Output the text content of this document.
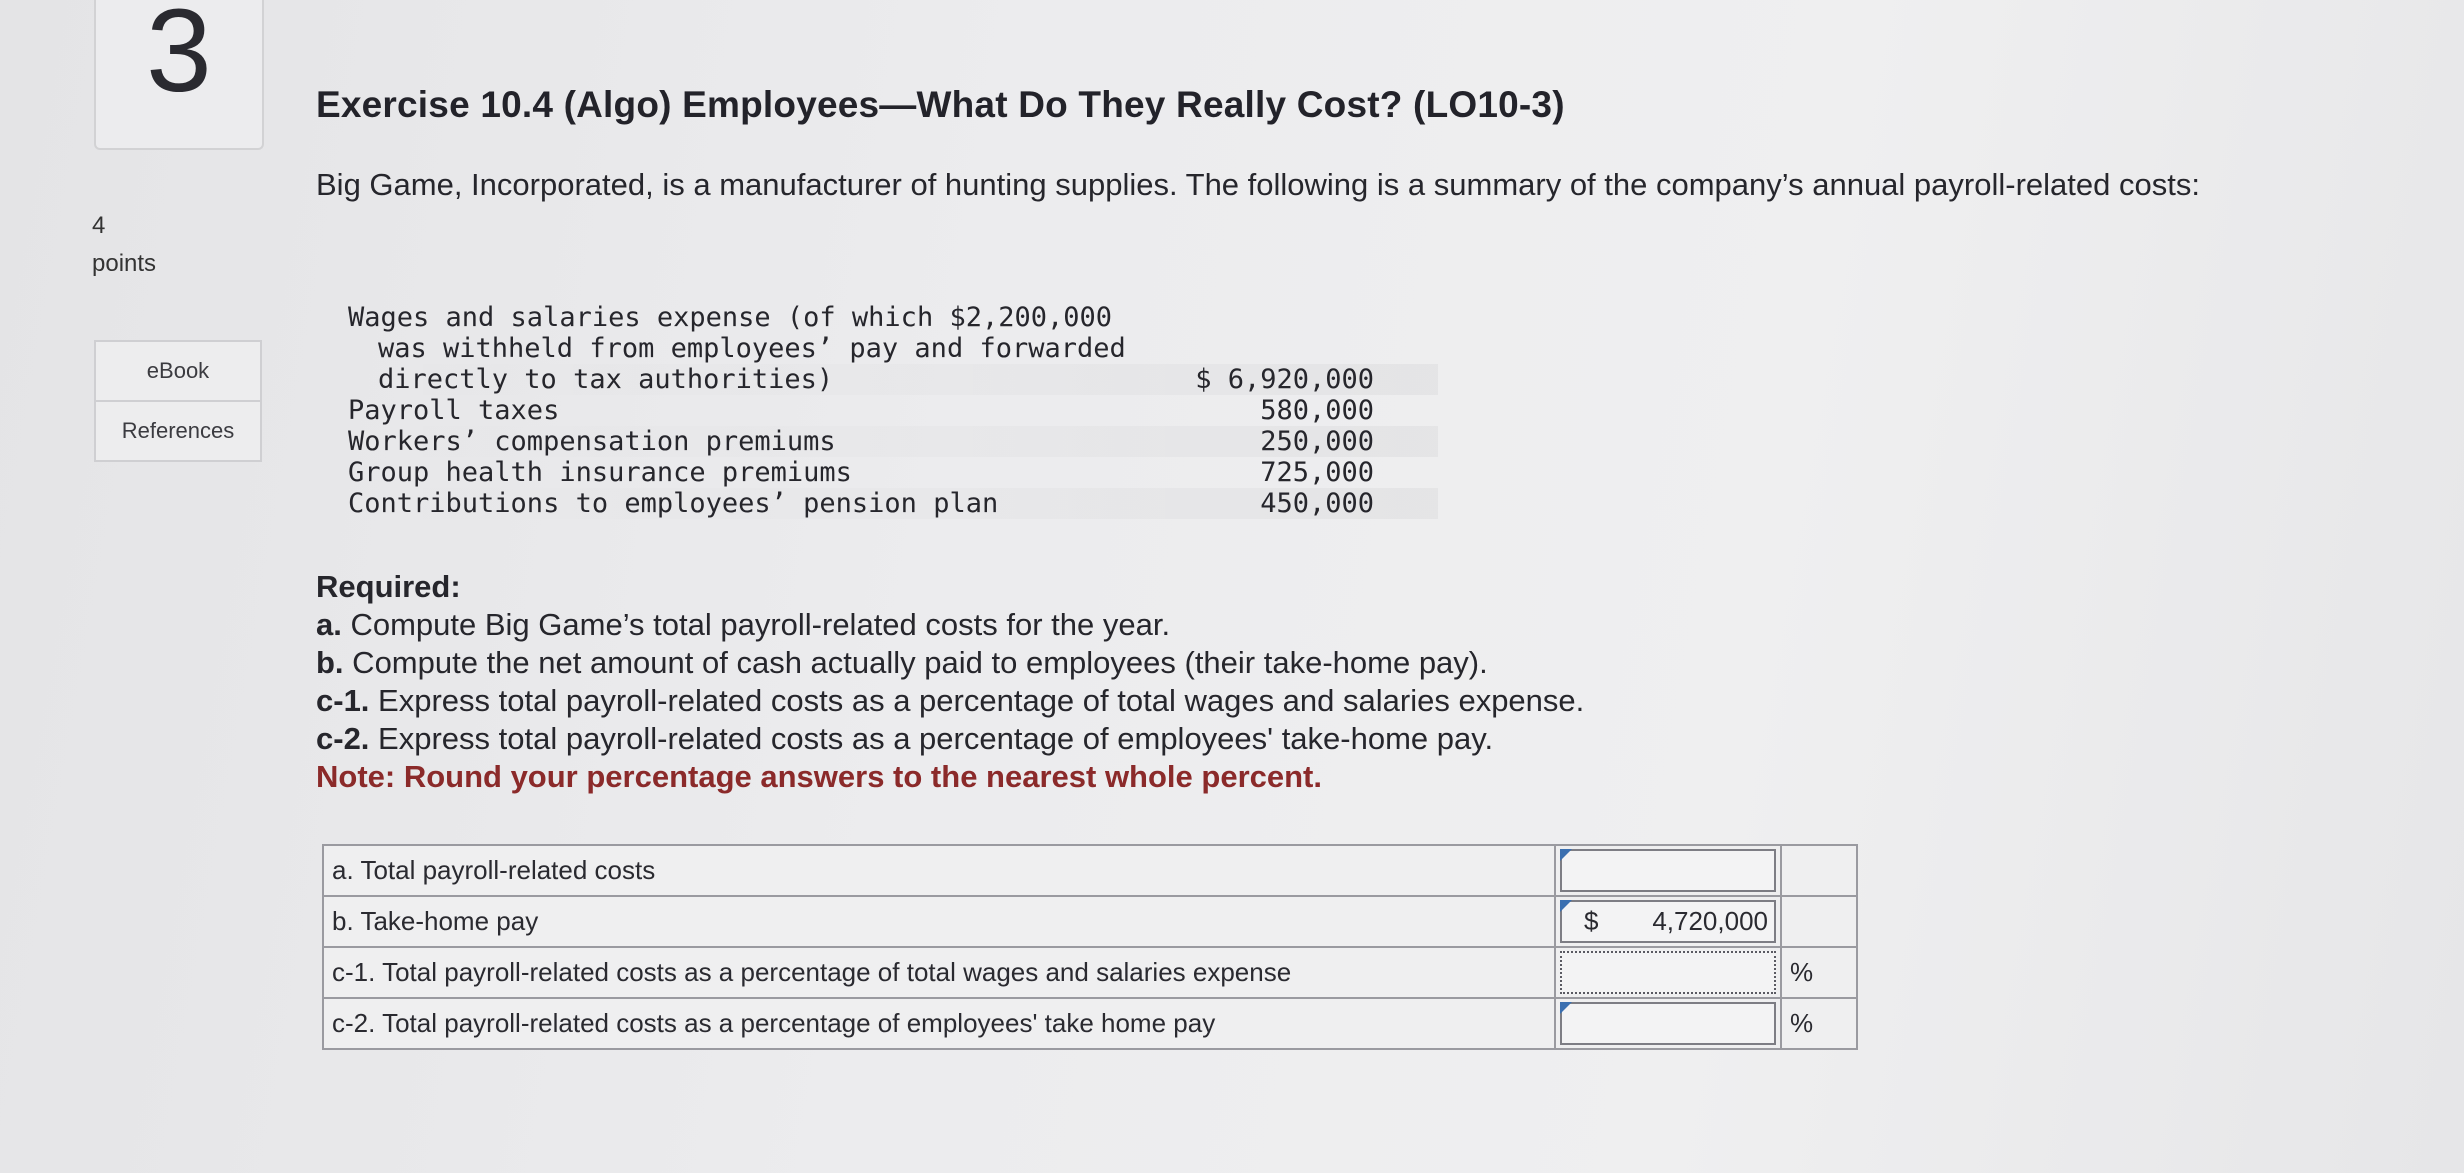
3
4
points
eBook
References
Exercise 10.4 (Algo) Employees—What Do They Really Cost? (LO10-3)
Big Game, Incorporated, is a manufacturer of hunting supplies. The following is a summary of the company’s annual payroll-related costs:
Wages and salaries expense (of which $2,200,000
was withheld from employees’ pay and forwarded
directly to tax authorities)	$ 6,920,000
Payroll taxes	580,000
Workers’ compensation premiums	250,000
Group health insurance premiums	725,000
Contributions to employees’ pension plan	450,000
Required:
a. Compute Big Game’s total payroll-related costs for the year.
b. Compute the net amount of cash actually paid to employees (their take-home pay).
c-1. Express total payroll-related costs as a percentage of total wages and salaries expense.
c-2. Express total payroll-related costs as a percentage of employees' take-home pay.
Note: Round your percentage answers to the nearest whole percent.
a. Total payroll-related costs	

b. Take-home pay	$ 4,720,000	

c-1. Total payroll-related costs as a percentage of total wages and salaries expense		%
c-2. Total payroll-related costs as a percentage of employees' take home pay		%
